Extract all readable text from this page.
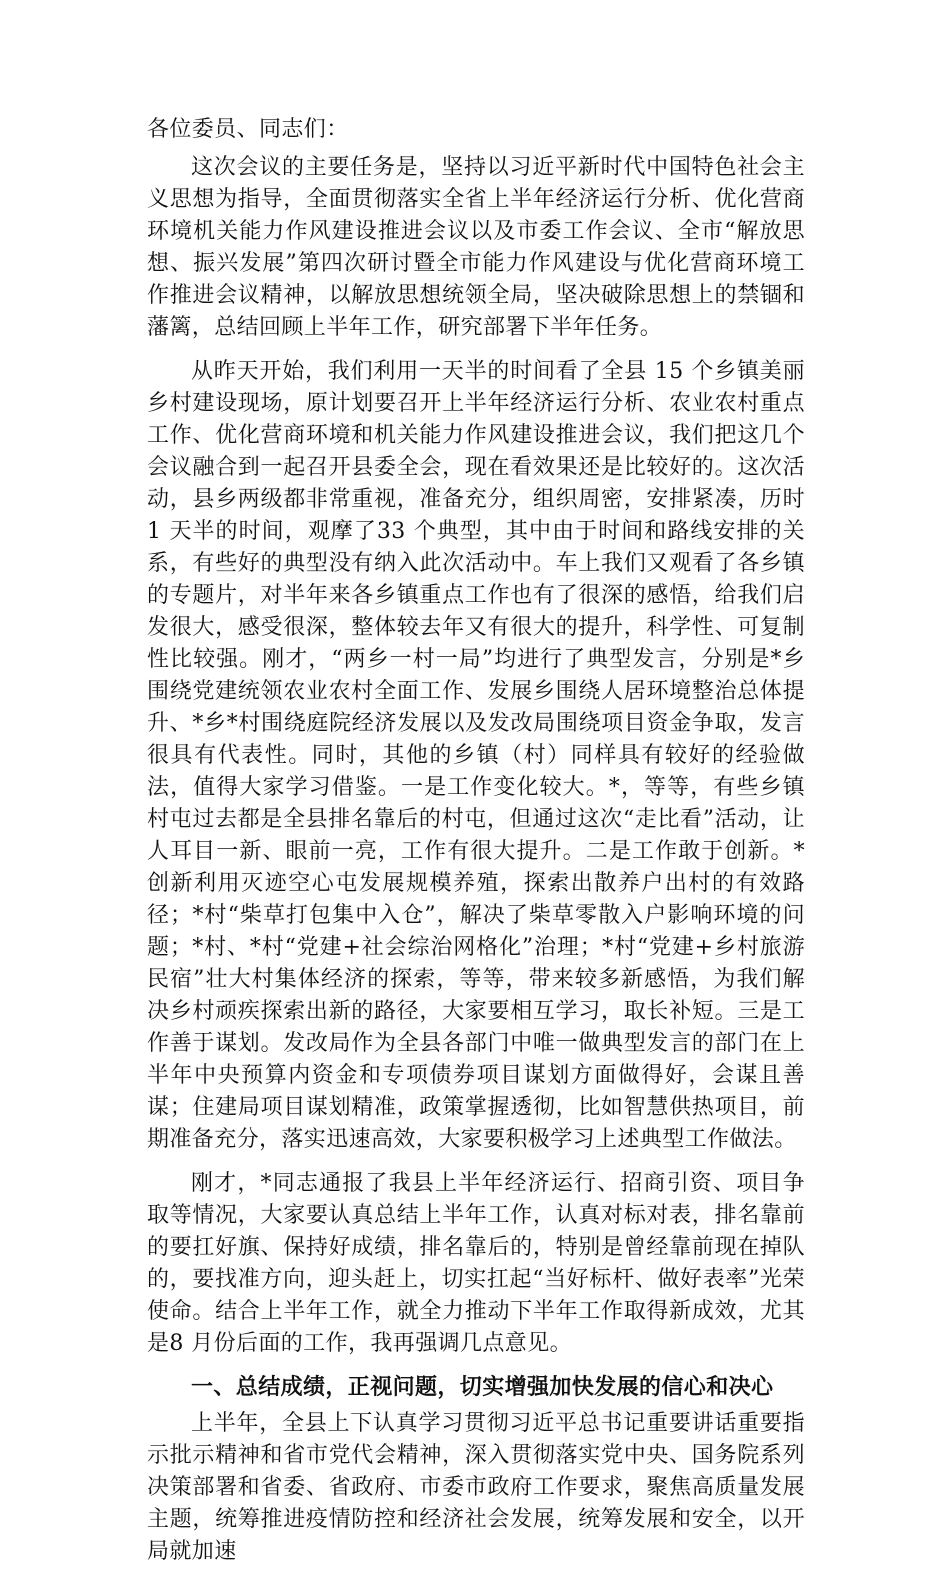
各位委员、同志们：
这次会议的主要任务是，坚持以习近平新时代中国特色社会主义思想为指导，全面贯彻落实全省上半年经济运行分析、优化营商环境机关能力作风建设推进会议以及市委工作会议、全市“解放思想、振兴发展”第四次研讨暨全市能力作风建设与优化营商环境工作推进会议精神，以解放思想统领全局，坚决破除思想上的禁锢和藩篱，总结回顾上半年工作，研究部署下半年任务。
从昨天开始，我们利用一天半的时间看了全县 15 个乡镇美丽乡村建设现场，原计划要召开上半年经济运行分析、农业农村重点工作、优化营商环境和机关能力作风建设推进会议，我们把这几个会议融合到一起召开县委全会，现在看效果还是比较好的。这次活动，县乡两级都非常重视，准备充分，组织周密，安排紧凑，历时 1 天半的时间，观摩了33 个典型，其中由于时间和路线安排的关系，有些好的典型没有纳入此次活动中。车上我们又观看了各乡镇的专题片，对半年来各乡镇重点工作也有了很深的感悟，给我们启发很大，感受很深，整体较去年又有很大的提升，科学性、可复制性比较强。刚才，“两乡一村一局”均进行了典型发言，分别是*乡围绕党建统领农业农村全面工作、发展乡围绕人居环境整治总体提升、*乡*村围绕庭院经济发展以及发改局围绕项目资金争取，发言很具有代表性。同时，其他的乡镇（村）同样具有较好的经验做法，值得大家学习借鉴。一是工作变化较大。*，等等，有些乡镇村屯过去都是全县排名靠后的村屯，但通过这次“走比看”活动，让人耳目一新、眼前一亮，工作有很大提升。二是工作敢于创新。*创新利用灭迹空心屯发展规模养殖，探索出散养户出村的有效路径；*村“柴草打包集中入仓”，解决了柴草零散入户影响环境的问题；*村、*村“党建+社会综治网格化”治理；*村“党建+乡村旅游民宿”壮大村集体经济的探索，等等，带来较多新感悟，为我们解决乡村顽疾探索出新的路径，大家要相互学习，取长补短。三是工作善于谋划。发改局作为全县各部门中唯一做典型发言的部门在上半年中央预算内资金和专项债券项目谋划方面做得好，会谋且善谋；住建局项目谋划精准，政策掌握透彻，比如智慧供热项目，前期准备充分，落实迅速高效，大家要积极学习上述典型工作做法。
刚才，*同志通报了我县上半年经济运行、招商引资、项目争取等情况，大家要认真总结上半年工作，认真对标对表，排名靠前的要扛好旗、保持好成绩，排名靠后的，特别是曾经靠前现在掉队的，要找准方向，迎头赶上，切实扛起“当好标杆、做好表率”光荣使命。结合上半年工作，就全力推动下半年工作取得新成效，尤其是8 月份后面的工作，我再强调几点意见。
一、总结成绩，正视问题，切实增强加快发展的信心和决心
上半年，全县上下认真学习贯彻习近平总书记重要讲话重要指示批示精神和省市党代会精神，深入贯彻落实党中央、国务院系列决策部署和省委、省政府、市委市政府工作要求，聚焦高质量发展主题，统筹推进疫情防控和经济社会发展，统筹发展和安全，以开局就加速
